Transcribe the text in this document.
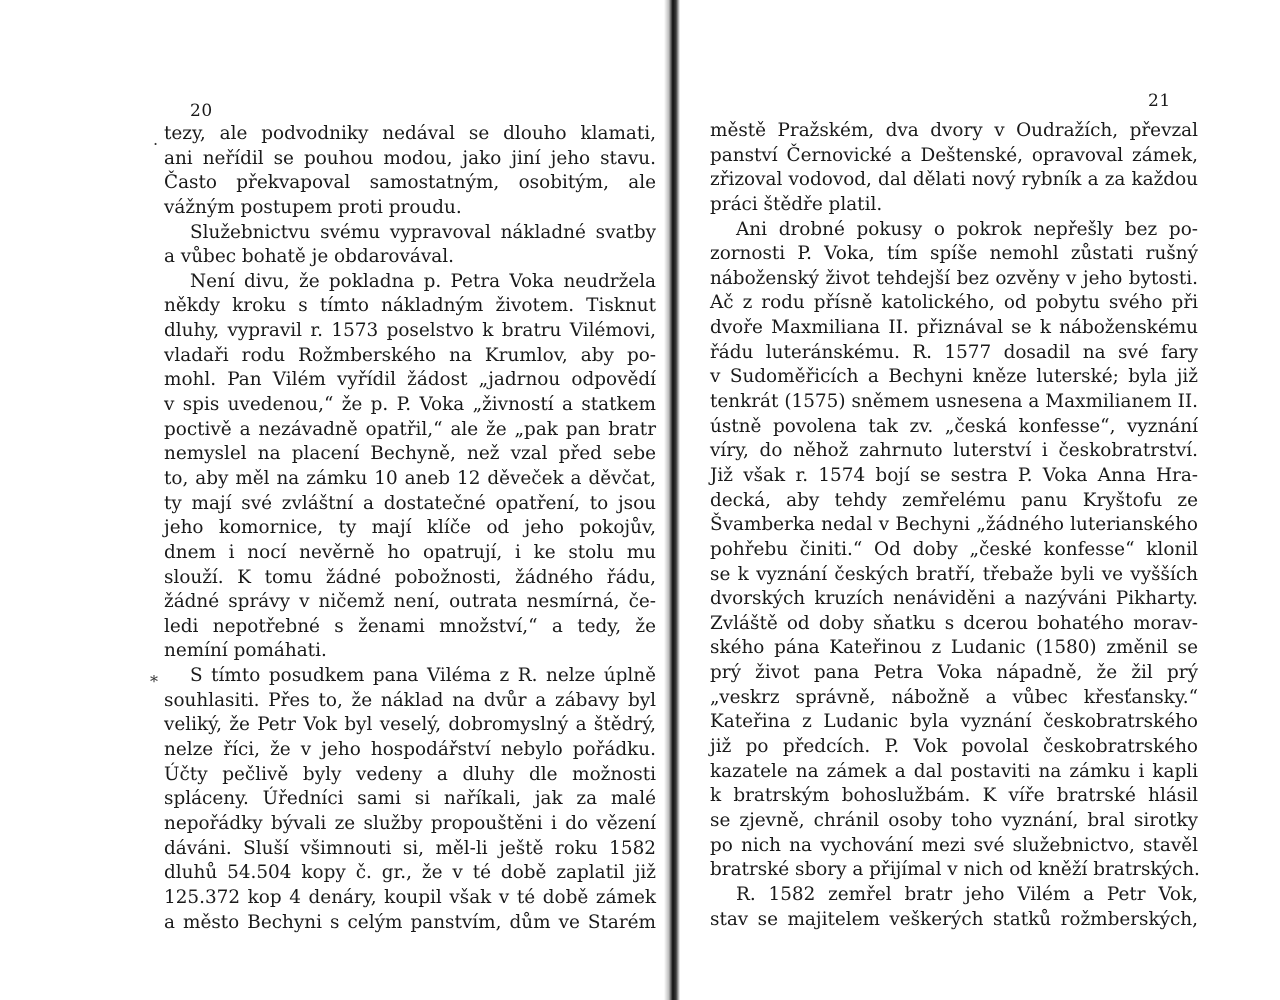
20
.
*
tezy, ale podvodniky nedával se dlouho klamati,
ani neřídil se pouhou modou, jako jiní jeho stavu.
Často překvapoval samostatným, osobitým, ale
vážným postupem proti proudu.
Služebnictvu svému vypravoval nákladné svatby
a vůbec bohatě je obdarovával.
Není divu, že pokladna p. Petra Voka neudržela
někdy kroku s tímto nákladným životem. Tisknut
dluhy, vypravil r. 1573 poselstvo k bratru Vilémovi,
vladaři rodu Rožmberského na Krumlov, aby po-
mohl. Pan Vilém vyřídil žádost „jadrnou odpovědí
v spis uvedenou,“ že p. P. Voka „živností a statkem
poctivě a nezávadně opatřil,“ ale že „pak pan bratr
nemyslel na placení Bechyně, než vzal před sebe
to, aby měl na zámku 10 aneb 12 děveček a děvčat,
ty mají své zvláštní a dostatečné opatření, to jsou
jeho komornice, ty mají klíče od jeho pokojův,
dnem i nocí nevěrně ho opatrují, i ke stolu mu
slouží. K tomu žádné pobožnosti, žádného řádu,
žádné správy v ničemž není, outrata nesmírná, če-
ledi nepotřebné s ženami množství,“ a tedy, že
nemíní pomáhati.
S tímto posudkem pana Viléma z R. nelze úplně
souhlasiti. Přes to, že náklad na dvůr a zábavy byl
veliký, že Petr Vok byl veselý, dobromyslný a štědrý,
nelze říci, že v jeho hospodářství nebylo pořádku.
Účty pečlivě byly vedeny a dluhy dle možnosti
spláceny. Úředníci sami si naříkali, jak za malé
nepořádky bývali ze služby propouštěni i do vězení
dáváni. Sluší všimnouti si, měl-li ještě roku 1582
dluhů 54.504 kopy č. gr., že v té době zaplatil již
125.372 kop 4 denáry, koupil však v té době zámek
a město Bechyni s celým panstvím, dům ve Starém
21
městě Pražském, dva dvory v Oudražích, převzal
panství Černovické a Deštenské, opravoval zámek,
zřizoval vodovod, dal dělati nový rybník a za každou
práci štědře platil.
Ani drobné pokusy o pokrok nepřešly bez po-
zornosti P. Voka, tím spíše nemohl zůstati rušný
náboženský život tehdejší bez ozvěny v jeho bytosti.
Ač z rodu přísně katolického, od pobytu svého při
dvoře Maxmiliana II. přiznával se k náboženskému
řádu luteránskému. R. 1577 dosadil na své fary
v Sudoměřicích a Bechyni kněze luterské; byla již
tenkrát (1575) sněmem usnesena a Maxmilianem II.
ústně povolena tak zv. „česká konfesse“, vyznání
víry, do něhož zahrnuto luterství i českobratrství.
Již však r. 1574 bojí se sestra P. Voka Anna Hra-
decká, aby tehdy zemřelému panu Kryštofu ze
Švamberka nedal v Bechyni „žádného luterianského
pohřebu činiti.“ Od doby „české konfesse“ klonil
se k vyznání českých bratří, třebaže byli ve vyšších
dvorských kruzích nenáviděni a nazýváni Pikharty.
Zvláště od doby sňatku s dcerou bohatého morav-
ského pána Kateřinou z Ludanic (1580) změnil se
prý život pana Petra Voka nápadně, že žil prý
„veskrz správně, nábožně a vůbec křesťansky.“
Kateřina z Ludanic byla vyznání českobratrského
již po předcích. P. Vok povolal českobratrského
kazatele na zámek a dal postaviti na zámku i kapli
k bratrským bohoslužbám. K víře bratrské hlásil
se zjevně, chránil osoby toho vyznání, bral sirotky
po nich na vychování mezi své služebnictvo, stavěl
bratrské sbory a přijímal v nich od kněží bratrských.
R. 1582 zemřel bratr jeho Vilém a Petr Vok,
stav se majitelem veškerých statků rožmberských,
